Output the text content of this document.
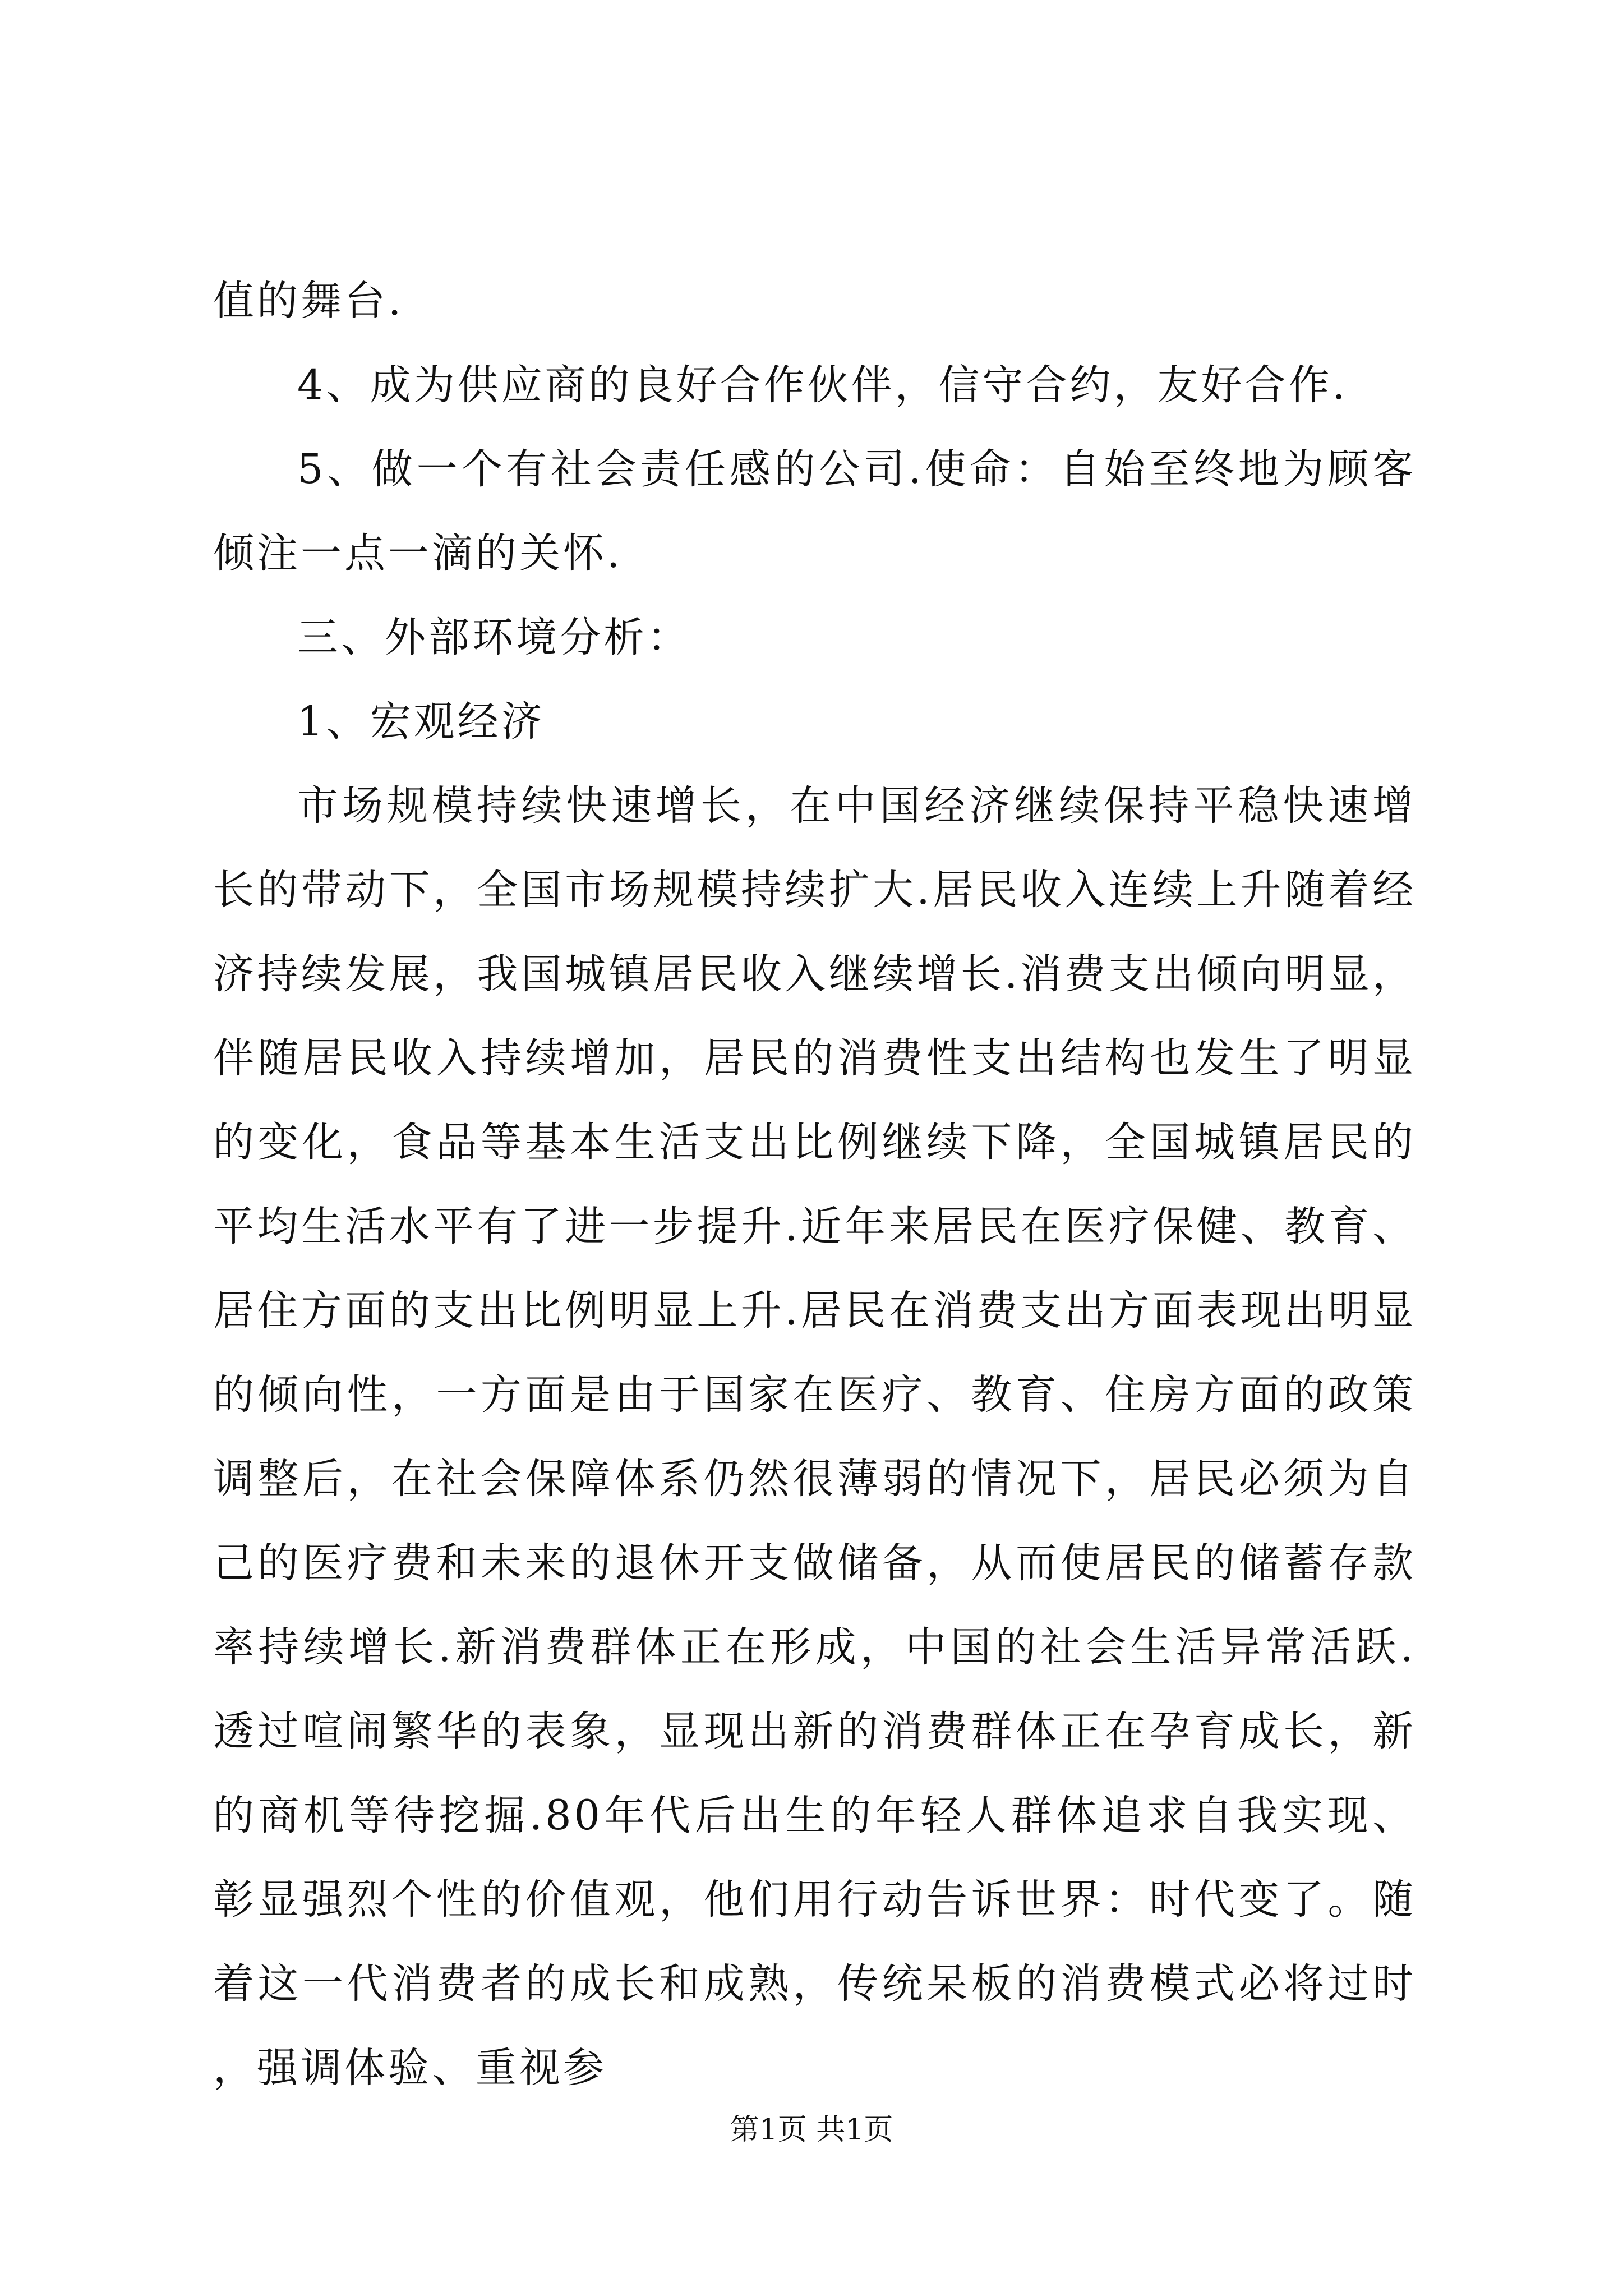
值的舞台.

4、成为供应商的良好合作伙伴，信守合约，友好合作.

5、做一个有社会责任感的公司.使命：自始至终地为顾客倾注一点一滴的关怀.

三、外部环境分析：

1、宏观经济

市场规模持续快速增长，在中国经济继续保持平稳快速增长的带动下，全国市场规模持续扩大.居民收入连续上升随着经济持续发展，我国城镇居民收入继续增长.消费支出倾向明显，伴随居民收入持续增加，居民的消费性支出结构也发生了明显的变化，食品等基本生活支出比例继续下降，全国城镇居民的平均生活水平有了进一步提升.近年来居民在医疗保健、教育、居住方面的支出比例明显上升.居民在消费支出方面表现出明显的倾向性，一方面是由于国家在医疗、教育、住房方面的政策调整后，在社会保障体系仍然很薄弱的情况下，居民必须为自己的医疗费和未来的退休开支做储备，从而使居民的储蓄存款率持续增长.新消费群体正在形成，中国的社会生活异常活跃.透过喧闹繁华的表象，显现出新的消费群体正在孕育成长，新的商机等待挖掘.80年代后出生的年轻人群体追求自我实现、彰显强烈个性的价值观，他们用行动告诉世界：时代变了。随着这一代消费者的成长和成熟，传统呆板的消费模式必将过时，强调体验、重视参

第1页 共1页
